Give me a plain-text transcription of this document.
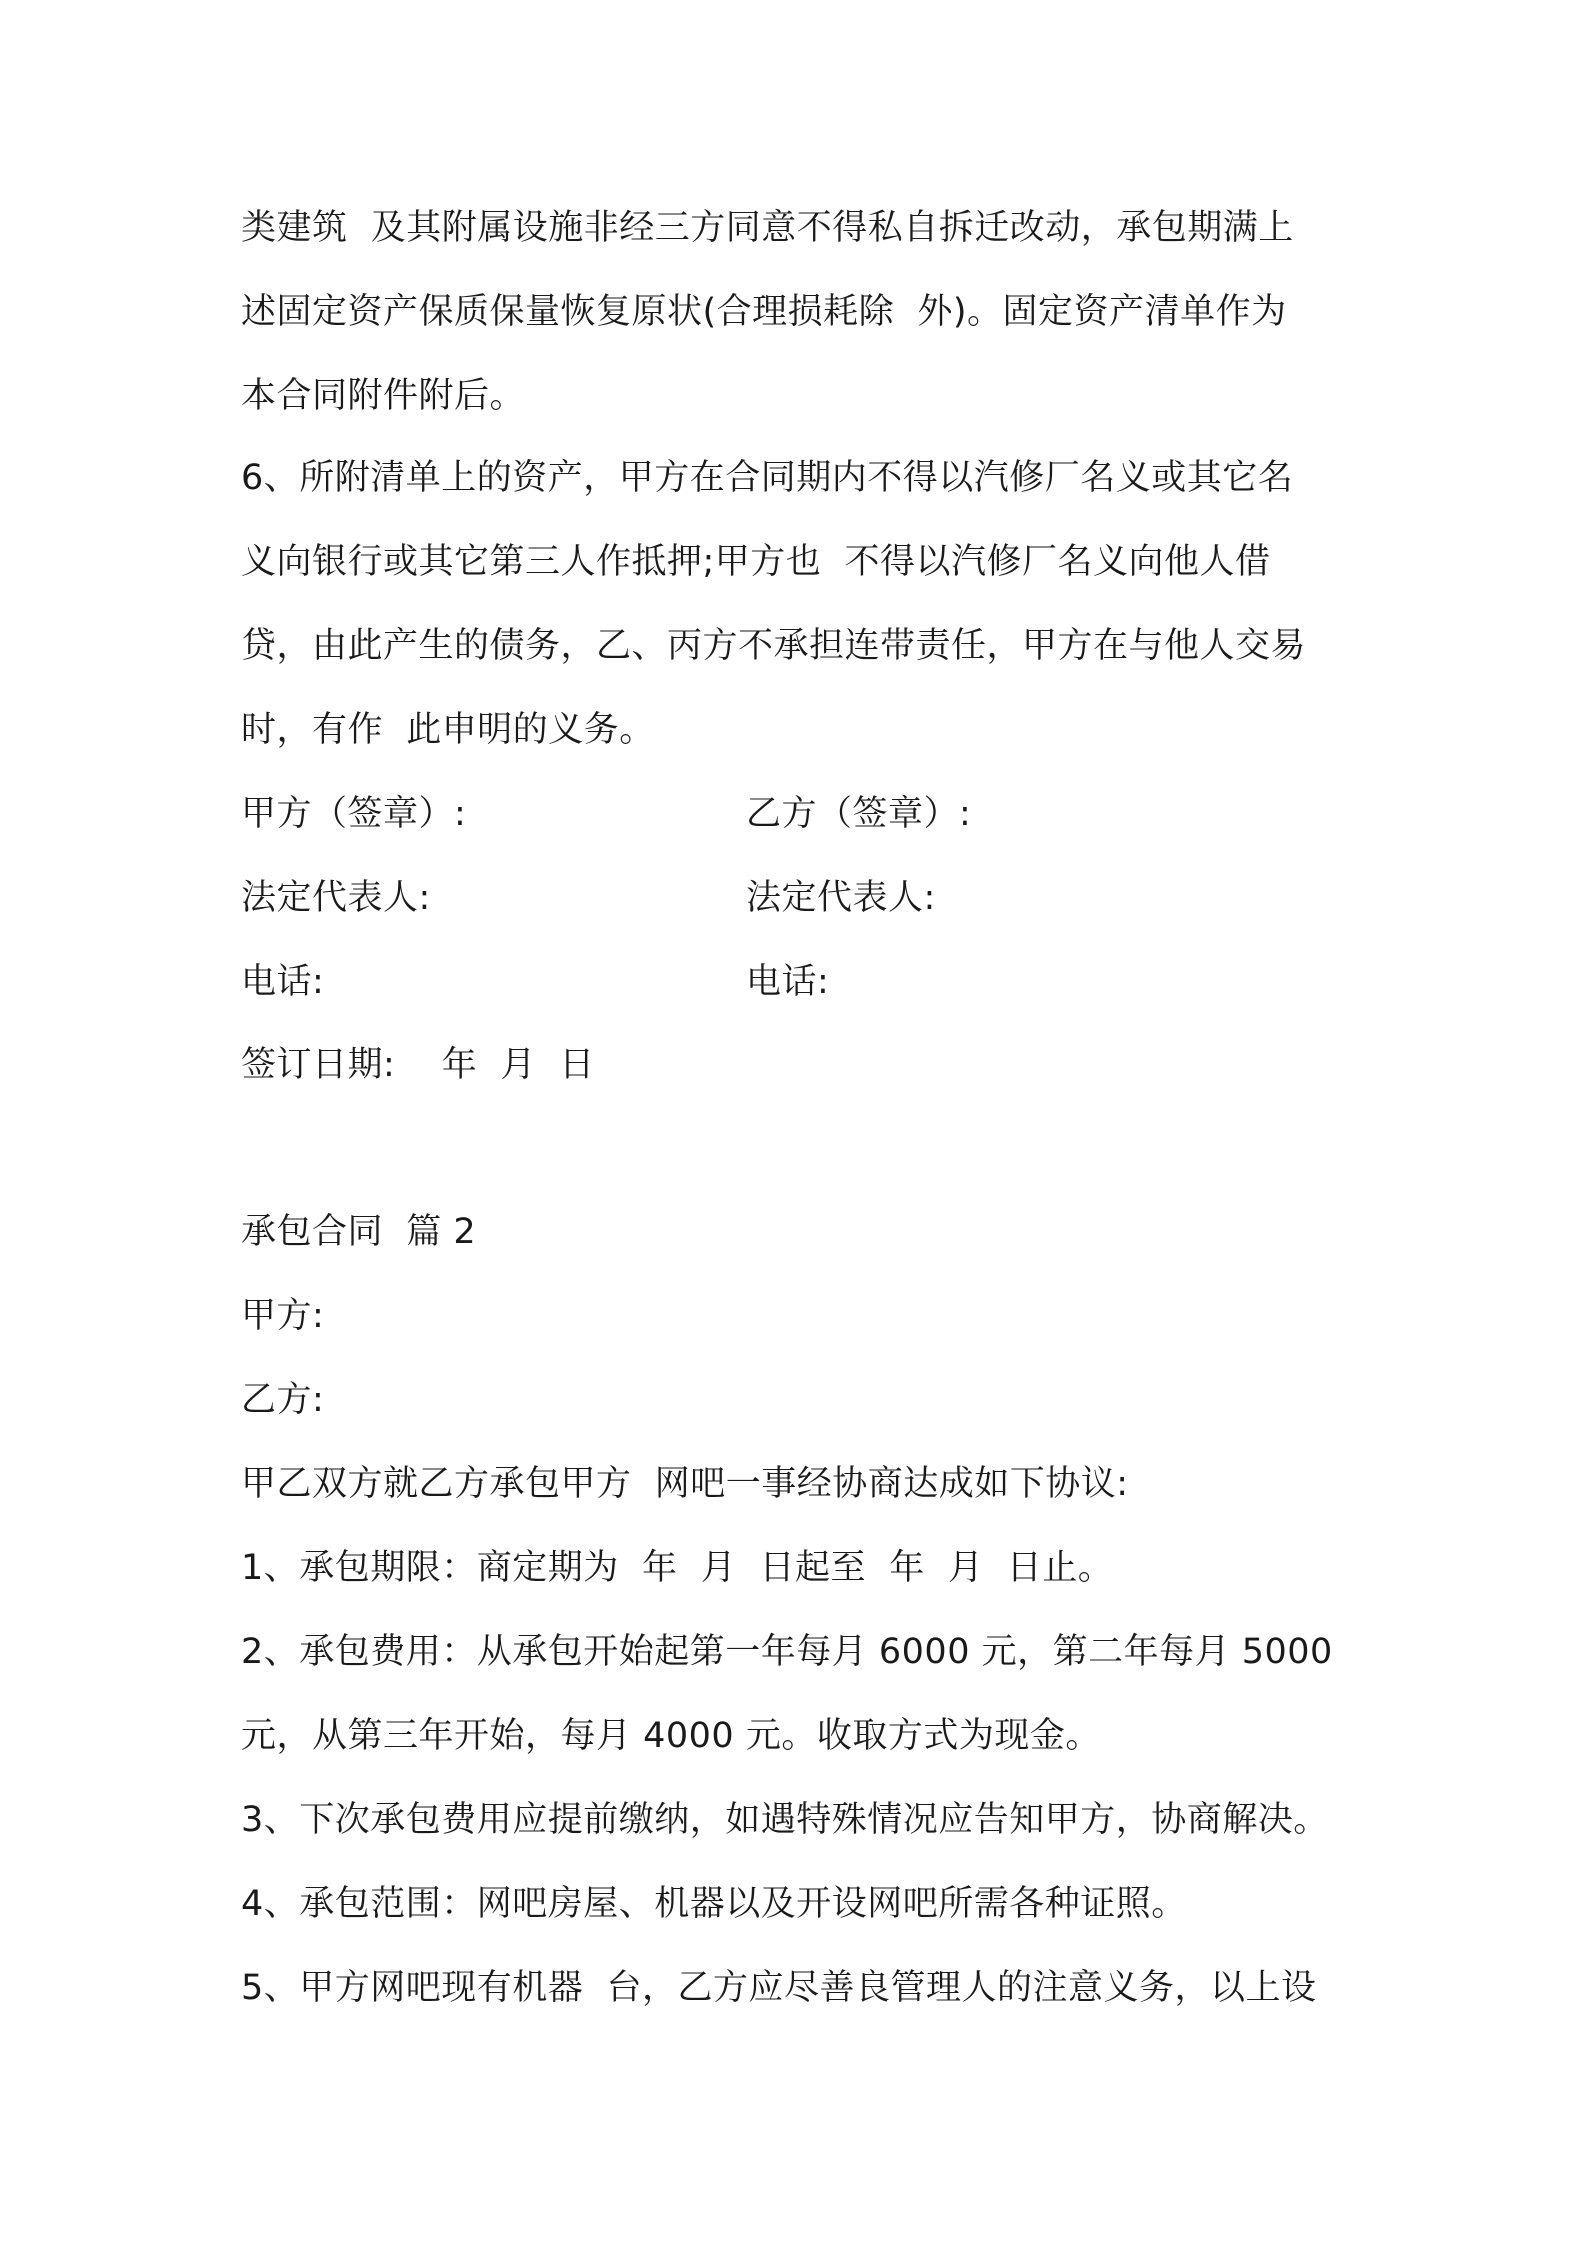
类建筑  及其附属设施非经三方同意不得私自拆迁改动，承包期满上
述固定资产保质保量恢复原状(合理损耗除  外)。固定资产清单作为
本合同附件附后。
6、所附清单上的资产，甲方在合同期内不得以汽修厂名义或其它名
义向银行或其它第三人作抵押;甲方也  不得以汽修厂名义向他人借
贷，由此产生的债务，乙、丙方不承担连带责任，甲方在与他人交易
时，有作  此申明的义务。
甲方（签章）:	乙方（签章）:
法定代表人:	法定代表人:
电话:	电话:
签订日期:    年  月  日
承包合同  篇 2
甲方:
乙方:
甲乙双方就乙方承包甲方  网吧一事经协商达成如下协议:
1、承包期限：商定期为  年  月  日起至  年  月  日止。
2、承包费用：从承包开始起第一年每月 6000 元，第二年每月 5000
元，从第三年开始，每月 4000 元。收取方式为现金。
3、下次承包费用应提前缴纳，如遇特殊情况应告知甲方，协商解决。
4、承包范围：网吧房屋、机器以及开设网吧所需各种证照。
5、甲方网吧现有机器  台，乙方应尽善良管理人的注意义务，以上设
